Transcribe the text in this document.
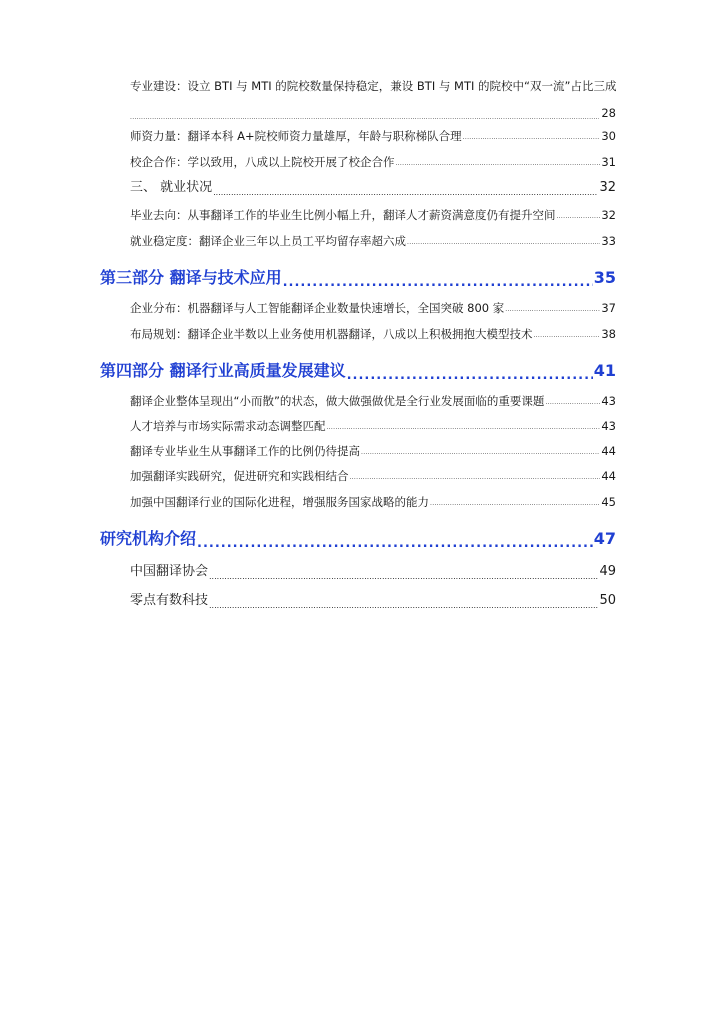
专业建设：设立 BTI 与 MTI 的院校数量保持稳定，兼设 BTI 与 MTI 的院校中“双一流”占比三成
.....
28
师资力量：翻译本科 A+院校师资力量雄厚，年龄与职称梯队合理 .....	30
校企合作：学以致用，八成以上院校开展了校企合作 .....	31
三、 就业状况 .....	32
毕业去向：从事翻译工作的毕业生比例小幅上升，翻译人才薪资满意度仍有提升空间 .....	32
就业稳定度：翻译企业三年以上员工平均留存率超六成 .....	33
第三部分 翻译与技术应用 .....	35
企业分布：机器翻译与人工智能翻译企业数量快速增长，全国突破 800 家 .....	37
布局规划：翻译企业半数以上业务使用机器翻译，八成以上积极拥抱大模型技术 .....	38
第四部分 翻译行业高质量发展建议 .....	41
翻译企业整体呈现出“小而散”的状态，做大做强做优是全行业发展面临的重要课题 .....	43
人才培养与市场实际需求动态调整匹配 .....	43
翻译专业毕业生从事翻译工作的比例仍待提高 .....	44
加强翻译实践研究，促进研究和实践相结合 .....	44
加强中国翻译行业的国际化进程，增强服务国家战略的能力 .....	45
研究机构介绍 .....	47
中国翻译协会 .....	49
零点有数科技 .....	50
